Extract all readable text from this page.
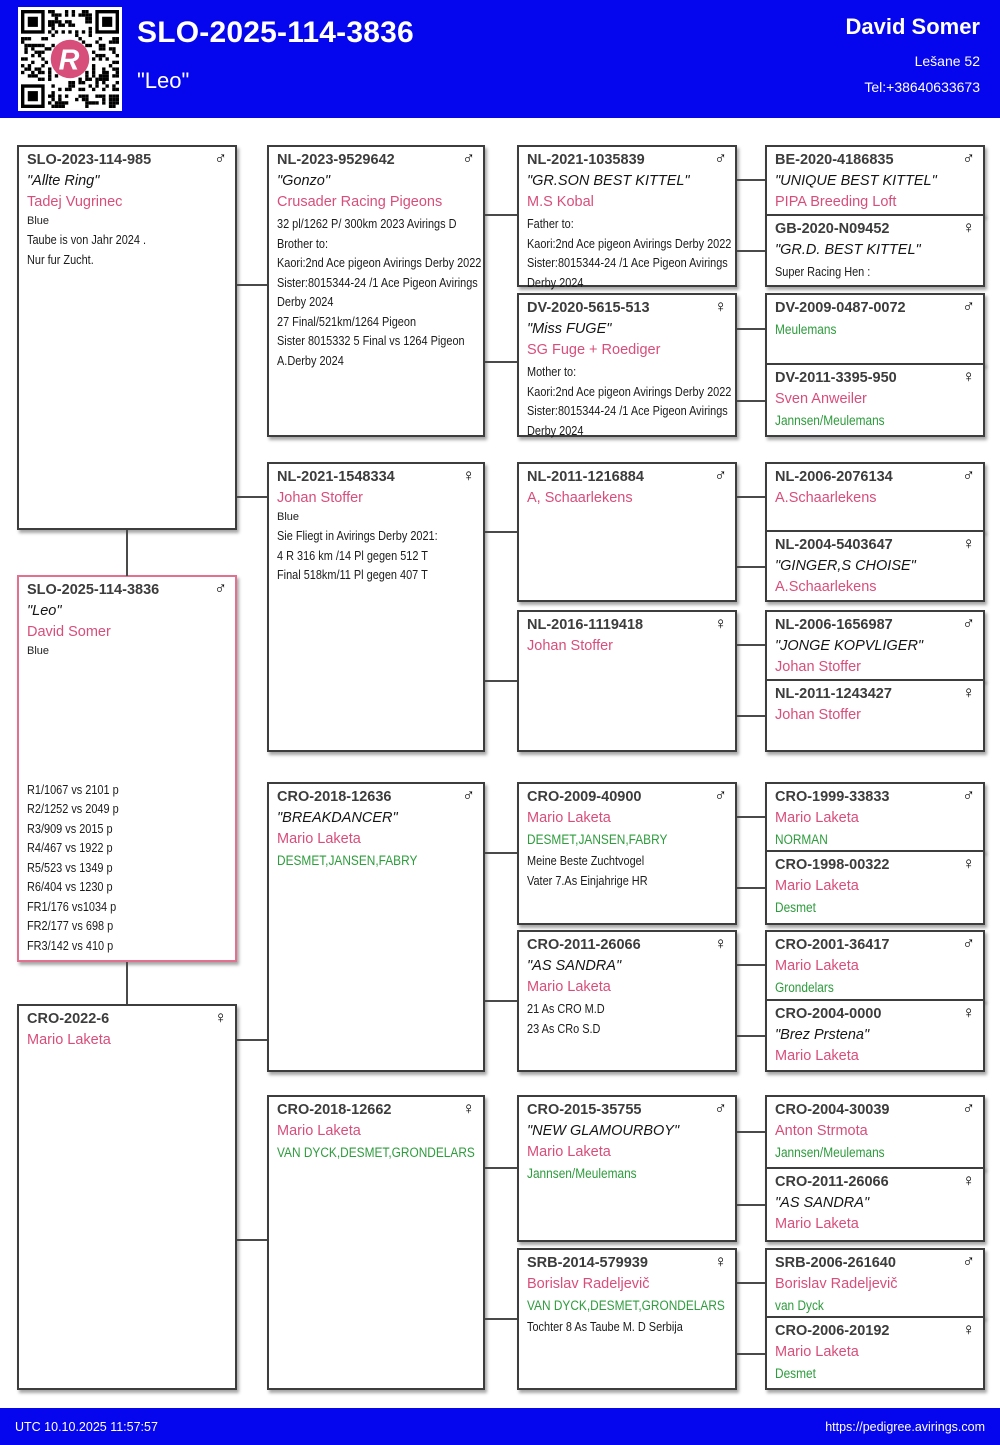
R
SLO-2025-114-3836
"Leo"
David Somer
Lešane 52
Tel:+38640633673
♂
SLO-2025-114-3836
"Leo"
David Somer
Blue
R1/1067 vs 2101 p
R2/1252 vs 2049 p
R3/909 vs 2015 p
R4/467 vs 1922 p
R5/523 vs 1349 p
R6/404 vs 1230 p
FR1/176 vs1034 p
FR2/177 vs 698 p
FR3/142 vs 410 p
♂
SLO-2023-114-985
"Allte Ring"
Tadej Vugrinec
Blue
Taube is von Jahr 2024 .
Nur fur Zucht.
♀
CRO-2022-6
Mario Laketa
♂
NL-2023-9529642
"Gonzo"
Crusader Racing Pigeons
32 pl/1262 P/ 300km 2023 Avirings D
Brother to:
Kaori:2nd Ace pigeon Avirings Derby 2022
Sister:8015344-24 /1 Ace Pigeon Avirings
Derby 2024
27 Final/521km/1264 Pigeon
Sister 8015332 5 Final vs 1264 Pigeon
A.Derby 2024
♀
NL-2021-1548334
Johan Stoffer
Blue
Sie Fliegt in Avirings Derby 2021:
4 R 316 km /14 Pl gegen 512 T
Final 518km/11 Pl gegen 407 T
♂
CRO-2018-12636
"BREAKDANCER"
Mario Laketa
DESMET,JANSEN,FABRY
♀
CRO-2018-12662
Mario Laketa
VAN DYCK,DESMET,GRONDELARS
♂
NL-2021-1035839
"GR.SON BEST KITTEL"
M.S Kobal
Father to:
Kaori:2nd Ace pigeon Avirings Derby 2022
Sister:8015344-24 /1 Ace Pigeon Avirings
Derby 2024
♀
DV-2020-5615-513
"Miss FUGE"
SG Fuge + Roediger
Mother to:
Kaori:2nd Ace pigeon Avirings Derby 2022
Sister:8015344-24 /1 Ace Pigeon Avirings
Derby 2024
♂
NL-2011-1216884
A, Schaarlekens
♀
NL-2016-1119418
Johan Stoffer
♂
CRO-2009-40900
Mario Laketa
DESMET,JANSEN,FABRY
Meine Beste Zuchtvogel
Vater 7.As Einjahrige HR
♀
CRO-2011-26066
"AS SANDRA"
Mario Laketa
21 As CRO M.D
23 As CRo S.D
♂
CRO-2015-35755
"NEW GLAMOURBOY"
Mario Laketa
Jannsen/Meulemans
♀
SRB-2014-579939
Borislav Radeljevič
VAN DYCK,DESMET,GRONDELARS
Tochter 8 As Taube M. D Serbija
♂
BE-2020-4186835
"UNIQUE BEST KITTEL"
PIPA Breeding Loft
♀
GB-2020-N09452
"GR.D. BEST KITTEL"
Super Racing Hen :
♂
DV-2009-0487-0072
Meulemans
♀
DV-2011-3395-950
Sven Anweiler
Jannsen/Meulemans
♂
NL-2006-2076134
A.Schaarlekens
♀
NL-2004-5403647
"GINGER,S CHOISE"
A.Schaarlekens
♂
NL-2006-1656987
"JONGE KOPVLIGER"
Johan Stoffer
♀
NL-2011-1243427
Johan Stoffer
♂
CRO-1999-33833
Mario Laketa
NORMAN
♀
CRO-1998-00322
Mario Laketa
Desmet
♂
CRO-2001-36417
Mario Laketa
Grondelars
♀
CRO-2004-0000
"Brez Prstena"
Mario Laketa
♂
CRO-2004-30039
Anton Strmota
Jannsen/Meulemans
♀
CRO-2011-26066
"AS SANDRA"
Mario Laketa
♂
SRB-2006-261640
Borislav Radeljevič
van Dyck
♀
CRO-2006-20192
Mario Laketa
Desmet
UTC 10.10.2025 11:57:57	https://pedigree.avirings.com
